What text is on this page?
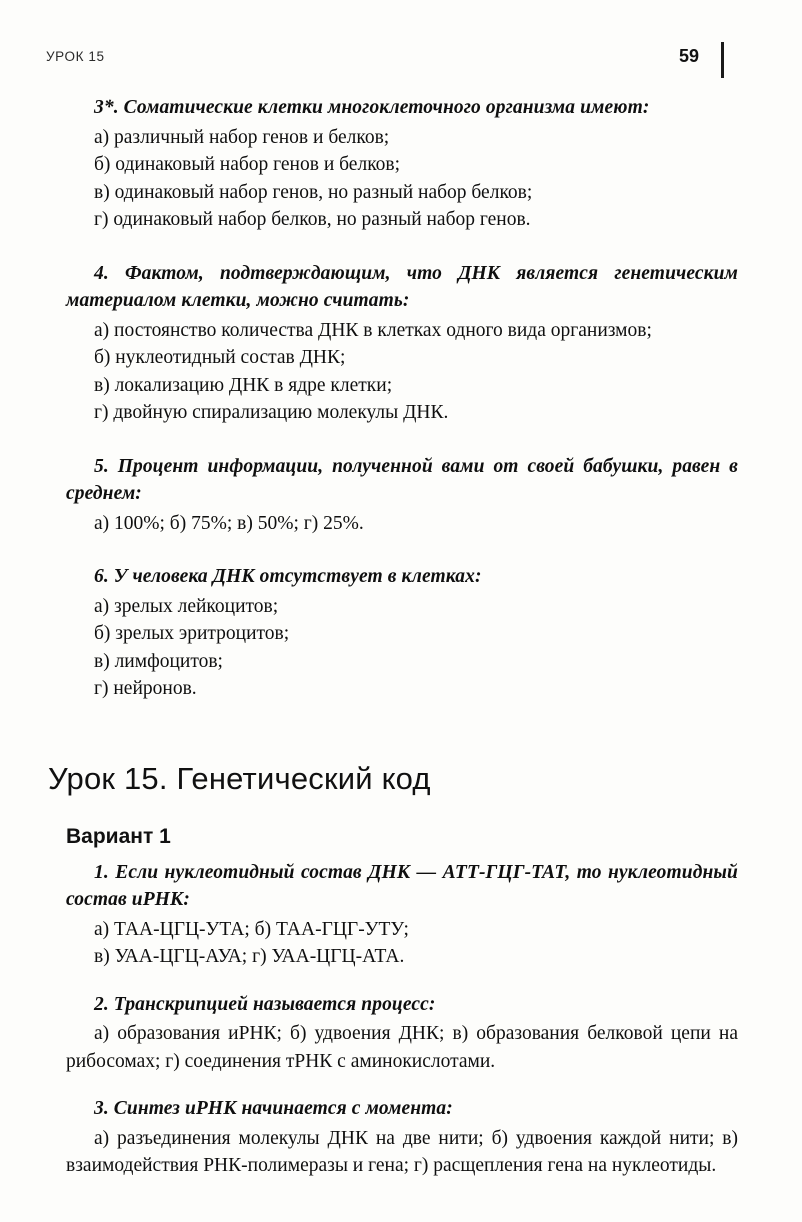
УРОК 15	59

3*. Соматические клетки многоклеточного организма имеют:

а) различный набор генов и белков;

б) одинаковый набор генов и белков;

в) одинаковый набор генов, но разный набор белков;

г) одинаковый набор белков, но разный набор генов.

4. Фактом, подтверждающим, что ДНК является генетическим материалом клетки, можно считать:

а) постоянство количества ДНК в клетках одного вида организмов;

б) нуклеотидный состав ДНК;

в) локализацию ДНК в ядре клетки;

г) двойную спирализацию молекулы ДНК.

5. Процент информации, полученной вами от своей бабушки, равен в среднем:

а) 100%; б) 75%; в) 50%; г) 25%.

6. У человека ДНК отсутствует в клетках:

а) зрелых лейкоцитов;

б) зрелых эритроцитов;

в) лимфоцитов;

г) нейронов.

Урок 15. Генетический код
Вариант 1

1. Если нуклеотидный состав ДНК — АТТ-ГЦГ-ТАТ, то нуклеотидный состав иРНК:

а) ТАА-ЦГЦ-УТА; б) ТАА-ГЦГ-УТУ;

в) УАА-ЦГЦ-АУА; г) УАА-ЦГЦ-АТА.

2. Транскрипцией называется процесс:

а) образования иРНК; б) удвоения ДНК; в) образования белковой цепи на рибосомах; г) соединения тРНК с аминокислотами.

3. Синтез иРНК начинается с момента:

а) разъединения молекулы ДНК на две нити; б) удвоения каждой нити; в) взаимодействия РНК-полимеразы и гена; г) расщепления гена на нуклеотиды.
